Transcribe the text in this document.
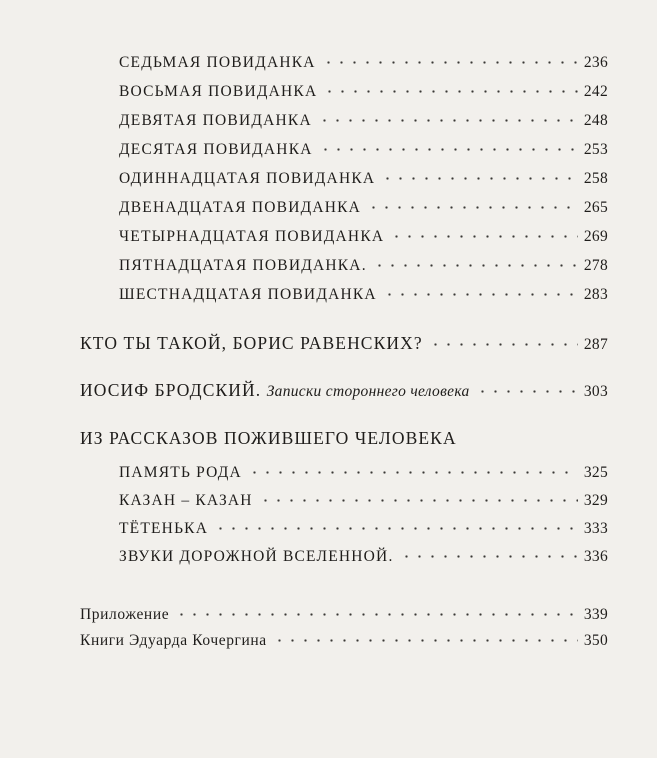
СЕДЬМАЯ ПОВИДАНКА	236
ВОСЬМАЯ ПОВИДАНКА	242
ДЕВЯТАЯ ПОВИДАНКА	248
ДЕСЯТАЯ ПОВИДАНКА	253
ОДИННАДЦАТАЯ ПОВИДАНКА	258
ДВЕНАДЦАТАЯ ПОВИДАНКА	265
ЧЕТЫРНАДЦАТАЯ ПОВИДАНКА	269
ПЯТНАДЦАТАЯ ПОВИДАНКА.	278
ШЕСТНАДЦАТАЯ ПОВИДАНКА	283
КТО ТЫ ТАКОЙ, БОРИС РАВЕНСКИХ?	287
ИОСИФ БРОДСКИЙ. Записки стороннего человека	303
ИЗ РАССКАЗОВ ПОЖИВШЕГО ЧЕЛОВЕКА
ПАМЯТЬ РОДА	325
КАЗАН – КАЗАН	329
ТЁТЕНЬКА	333
ЗВУКИ ДОРОЖНОЙ ВСЕЛЕННОЙ.	336
Приложение	339
Книги Эдуарда Кочергина	350
